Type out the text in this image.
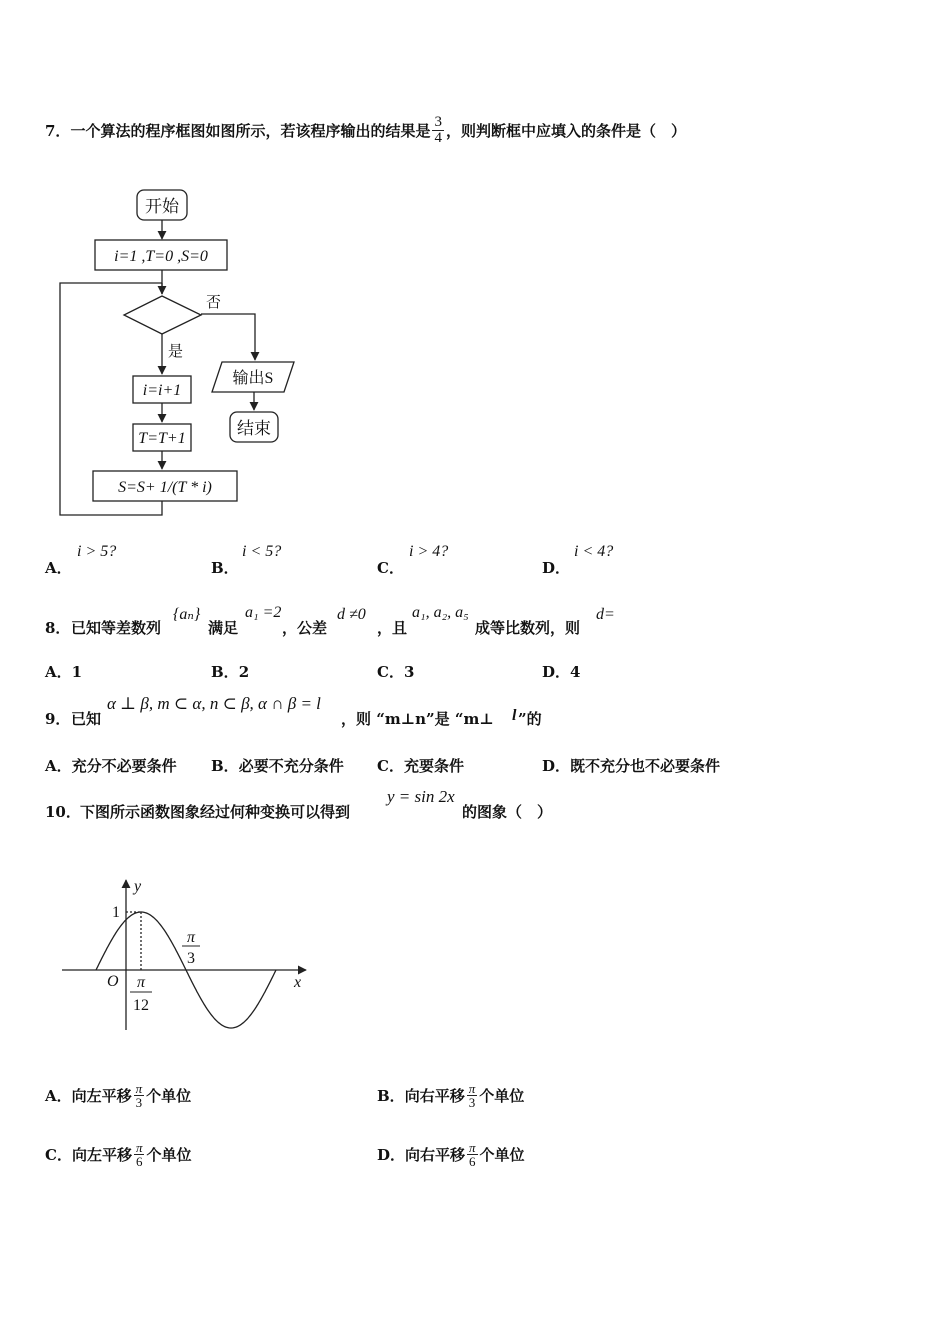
7． 一个算法的程序框图如图所示，若该程序输出的结果是 $\frac{3}{4}$ ，则判断框中应填入的条件是（　）
开始
i=1 ,T=0 ,S=0
否
是
i=i+1
T=T+1
S=S+ 1/(T * i)
输出S
结束
A．
i > 5?
B．
i < 5?
C．
i > 4?
D．
i < 4?
8． 已知等差数列
{aₙ}
满足
a₁ =2
，公差
d ≠0
，且
a₁, a₂, a₅
成等比数列，则
d=
A．1	B．2	C．3	D．4
9． 已知
α ⊥ β, m ⊂ α, n ⊂ β, α ∩ β = l
，则 “m⊥n”是 “m⊥ l ”的
A．充分不必要条件 B．必要不充分条件 C．充要条件	D．既不充分也不必要条件
10． 下图所示函数图象经过何种变换可以得到
y = sin 2x
的图象（　）
y
x
O
1
π
3
π
12
A． 向左平移 $\frac{\pi}{3}$ 个单位	B． 向右平移 $\frac{\pi}{3}$ 个单位
C． 向左平移 $\frac{\pi}{6}$ 个单位	D． 向右平移 $\frac{\pi}{6}$ 个单位
